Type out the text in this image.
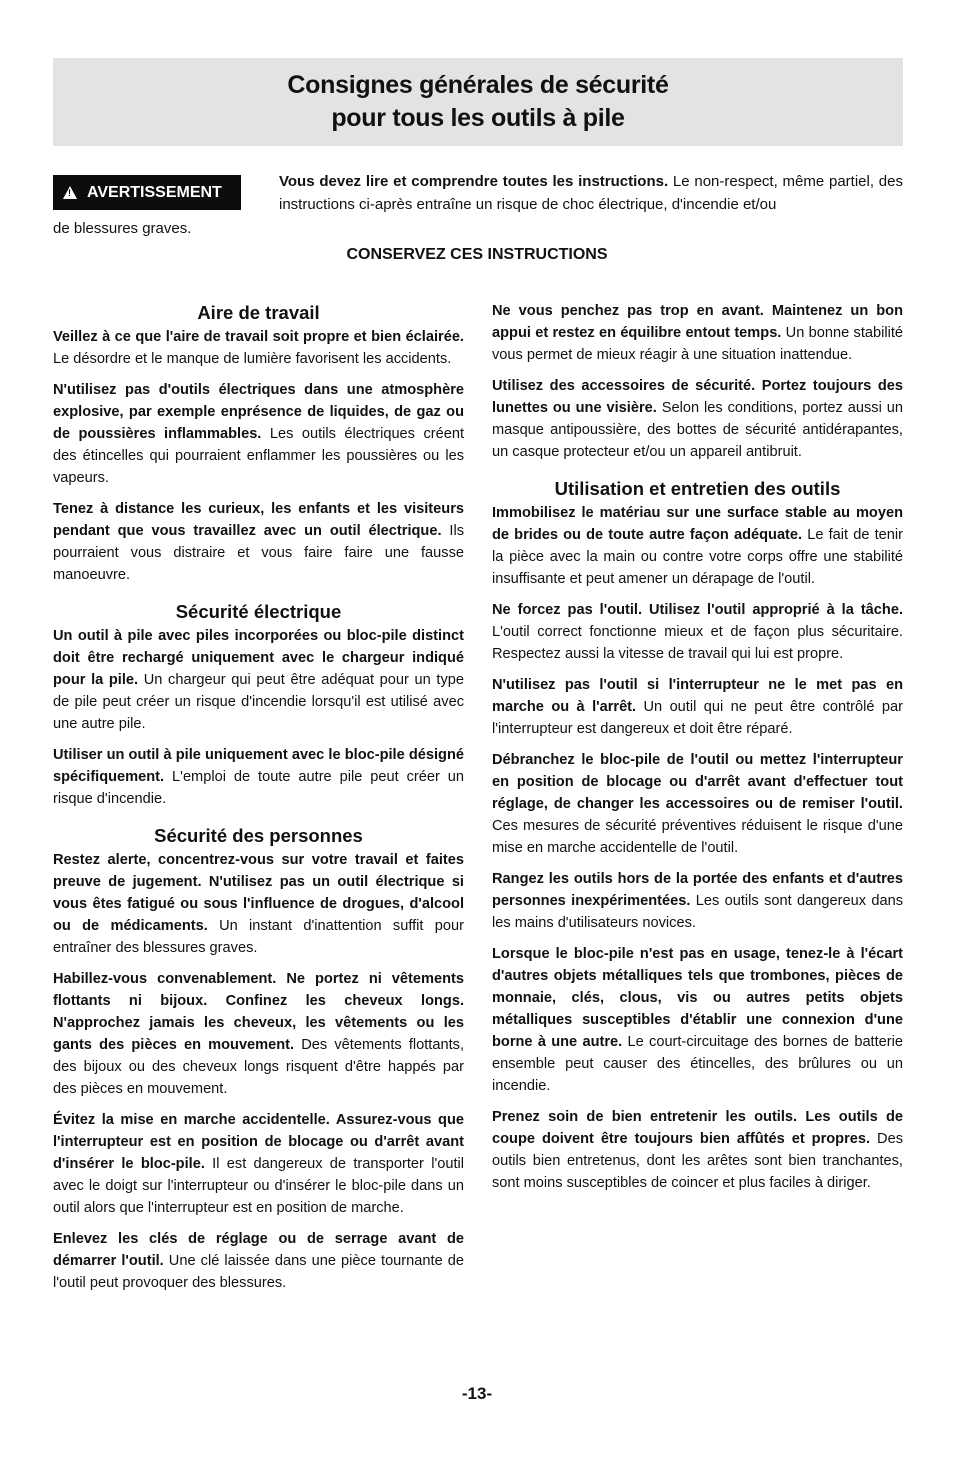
Consignes générales de sécurité
pour tous les outils à pile
!
AVERTISSEMENT
Vous devez lire et comprendre toutes les instructions. Le non-respect, même partiel, des instructions ci-après entraîne un risque de choc électrique, d'incendie et/ou
de blessures graves.
CONSERVEZ CES INSTRUCTIONS
Aire de travail

Veillez à ce que l'aire de travail soit propre et bien éclairée. Le désordre et le manque de lumière favorisent les accidents.

N'utilisez pas d'outils électriques dans une atmosphère explosive, par exemple enprésence de liquides, de gaz ou de poussières inflammables. Les outils électriques créent des étincelles qui pourraient enflammer les poussières ou les vapeurs.

Tenez à distance les curieux, les enfants et les visiteurs pendant que vous travaillez avec un outil électrique. Ils pourraient vous distraire et vous faire faire une fausse manoeuvre.

Sécurité électrique

Un outil à pile avec piles incorporées ou bloc-pile distinct doit être rechargé uniquement avec le chargeur indiqué pour la pile. Un chargeur qui peut être adéquat pour un type de pile peut créer un risque d'incendie lorsqu'il est utilisé avec une autre pile.

Utiliser un outil à pile uniquement avec le bloc-pile désigné spécifiquement. L'emploi de toute autre pile peut créer un risque d'incendie.

Sécurité des personnes

Restez alerte, concentrez-vous sur votre travail et faites preuve de jugement. N'utilisez pas un outil électrique si vous êtes fatigué ou sous l'influence de drogues, d'alcool ou de médicaments. Un instant d'inattention suffit pour entraîner des blessures graves.

Habillez-vous convenablement. Ne portez ni vêtements flottants ni bijoux. Confinez les cheveux longs. N'approchez jamais les cheveux, les vêtements ou les gants des pièces en mouvement. Des vêtements flottants, des bijoux ou des cheveux longs risquent d'être happés par des pièces en mouvement.

Évitez la mise en marche accidentelle. Assurez-vous que l'interrupteur est en position de blocage ou d'arrêt avant d'insérer le bloc-pile. Il est dangereux de transporter l'outil avec le doigt sur l'interrupteur ou d'insérer le bloc-pile dans un outil alors que l'interrupteur est en position de marche.

Enlevez les clés de réglage ou de serrage avant de démarrer l'outil. Une clé laissée dans une pièce tournante de l'outil peut provoquer des blessures.

Ne vous penchez pas trop en avant. Maintenez un bon appui et restez en équilibre entout temps. Un bonne stabilité vous permet de mieux réagir à une situation inattendue.

Utilisez des accessoires de sécurité. Portez toujours des lunettes ou une visière. Selon les conditions, portez aussi un masque antipoussière, des bottes de sécurité antidérapantes, un casque protecteur et/ou un appareil antibruit.

Utilisation et entretien des outils

Immobilisez le matériau sur une surface stable au moyen de brides ou de toute autre façon adéquate. Le fait de tenir la pièce avec la main ou contre votre corps offre une stabilité insuffisante et peut amener un dérapage de l'outil.

Ne forcez pas l'outil. Utilisez l'outil approprié à la tâche. L'outil correct fonctionne mieux et de façon plus sécuritaire. Respectez aussi la vitesse de travail qui lui est propre.

N'utilisez pas l'outil si l'interrupteur ne le met pas en marche ou à l'arrêt. Un outil qui ne peut être contrôlé par l'interrupteur est dangereux et doit être réparé.

Débranchez le bloc-pile de l'outil ou mettez l'interrupteur en position de blocage ou d'arrêt avant d'effectuer tout réglage, de changer les accessoires ou de remiser l'outil. Ces mesures de sécurité préventives réduisent le risque d'une mise en marche accidentelle de l'outil.

Rangez les outils hors de la portée des enfants et d'autres personnes inexpérimentées. Les outils sont dangereux dans les mains d'utilisateurs novices.

Lorsque le bloc-pile n'est pas en usage, tenez-le à l'écart d'autres objets métalliques tels que trombones, pièces de monnaie, clés, clous, vis ou autres petits objets métalliques susceptibles d'établir une connexion d'une borne à une autre. Le court-circuitage des bornes de batterie ensemble peut causer des étincelles, des brûlures ou un incendie.

Prenez soin de bien entretenir les outils. Les outils de coupe doivent être toujours bien affûtés et propres. Des outils bien entretenus, dont les arêtes sont bien tranchantes, sont moins susceptibles de coincer et plus faciles à diriger.

-13-
